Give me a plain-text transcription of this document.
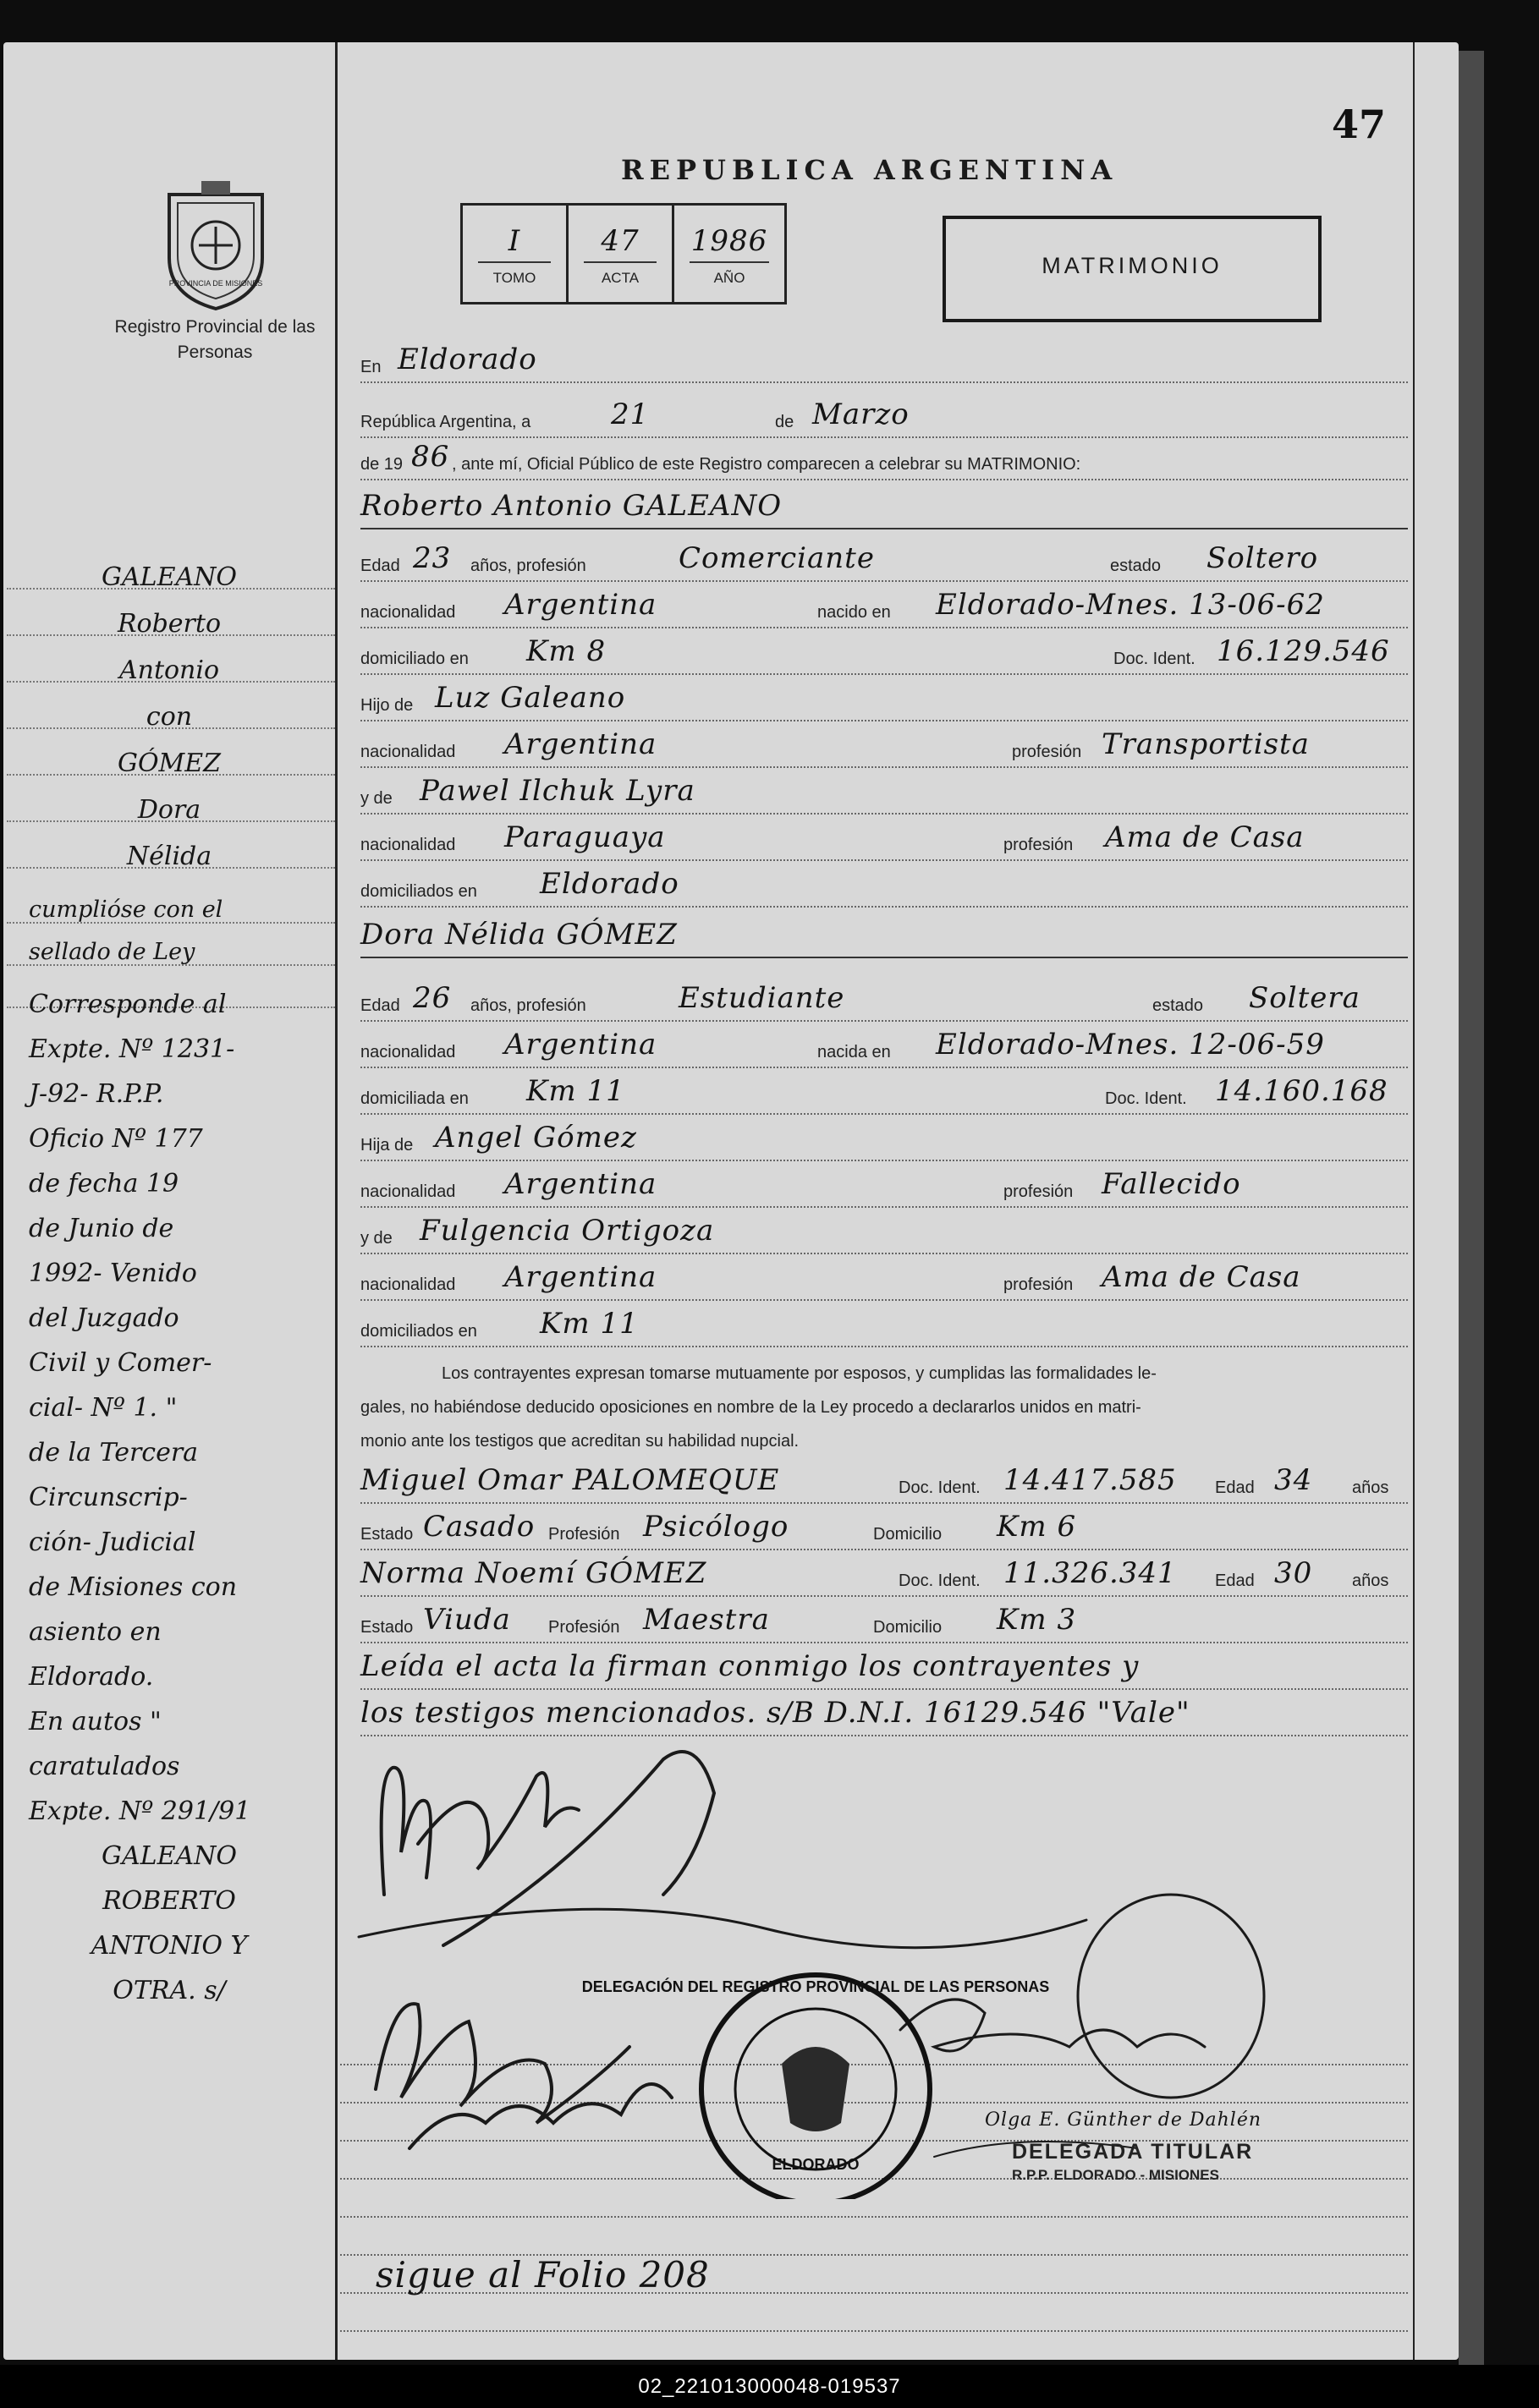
47
PROVINCIA DE MISIONES
Registro Provincial de las Personas
REPUBLICA ARGENTINA
I
TOMO
47
ACTA
1986
AÑO	MATRIMONIO
En Eldorado
República Argentina, a	21	de Marzo
de 19 86 , ante mí, Oficial Público de este Registro comparecen a celebrar su MATRIMONIO:
Roberto Antonio GALEANO
Edad 23 años, profesión	Comerciante	estado Soltero
nacionalidad Argentina	nacido en Eldorado-Mnes. 13-06-62
domiciliado en Km 8	Doc. Ident. 16.129.546
Hijo de Luz Galeano
nacionalidad Argentina	profesión Transportista
y de Pawel Ilchuk Lyra
nacionalidad Paraguaya	profesión Ama de Casa
domiciliados en Eldorado
Dora Nélida GÓMEZ
Edad 26 años, profesión	Estudiante	estado Soltera
nacionalidad Argentina	nacida en Eldorado-Mnes. 12-06-59
domiciliada en Km 11	Doc. Ident. 14.160.168
Hija de Angel Gómez
nacionalidad Argentina	profesión Fallecido
y de Fulgencia Ortigoza
nacionalidad Argentina	profesión Ama de Casa
domiciliados en Km 11
Los contrayentes expresan tomarse mutuamente por esposos, y cumplidas las formalidades le-
gales, no habiéndose deducido oposiciones en nombre de la Ley procedo a declararlos unidos en matri-
monio ante los testigos que acreditan su habilidad nupcial.
Miguel Omar PALOMEQUE	Doc. Ident. 14.417.585 Edad 34 años
Estado Casado Profesión Psicólogo	Domicilio Km 6
Norma Noemí GÓMEZ	Doc. Ident. 11.326.341 Edad 30 años
Estado Viuda Profesión Maestra	Domicilio Km 3
Leída el acta la firman conmigo los contrayentes y
los testigos mencionados. s/B D.N.I. 16129.546 "Vale"
GALEANO
Roberto
Antonio
con
GÓMEZ
Dora
Nélida
cumplióse con el
sellado de Ley
Corresponde al
Expte. Nº 1231-
J-92- R.P.P.
Oficio Nº 177
de fecha 19
de Junio de
1992- Venido
del Juzgado
Civil y Comer-
cial- Nº 1. "
de la Tercera
Circunscrip-
ción- Judicial
de Misiones con
asiento en
Eldorado.
En autos "
caratulados
Expte. Nº 291/91
GALEANO
ROBERTO
ANTONIO Y
OTRA. s/	DELEGACIÓN DEL REGISTRO PROVINCIAL DE LAS PERSONAS
ELDORADO
Olga E. Günther de Dahlén
DELEGADA TITULAR
R.P.P. ELDORADO - MISIONES
sigue al Folio 208
02_221013000048-019537
